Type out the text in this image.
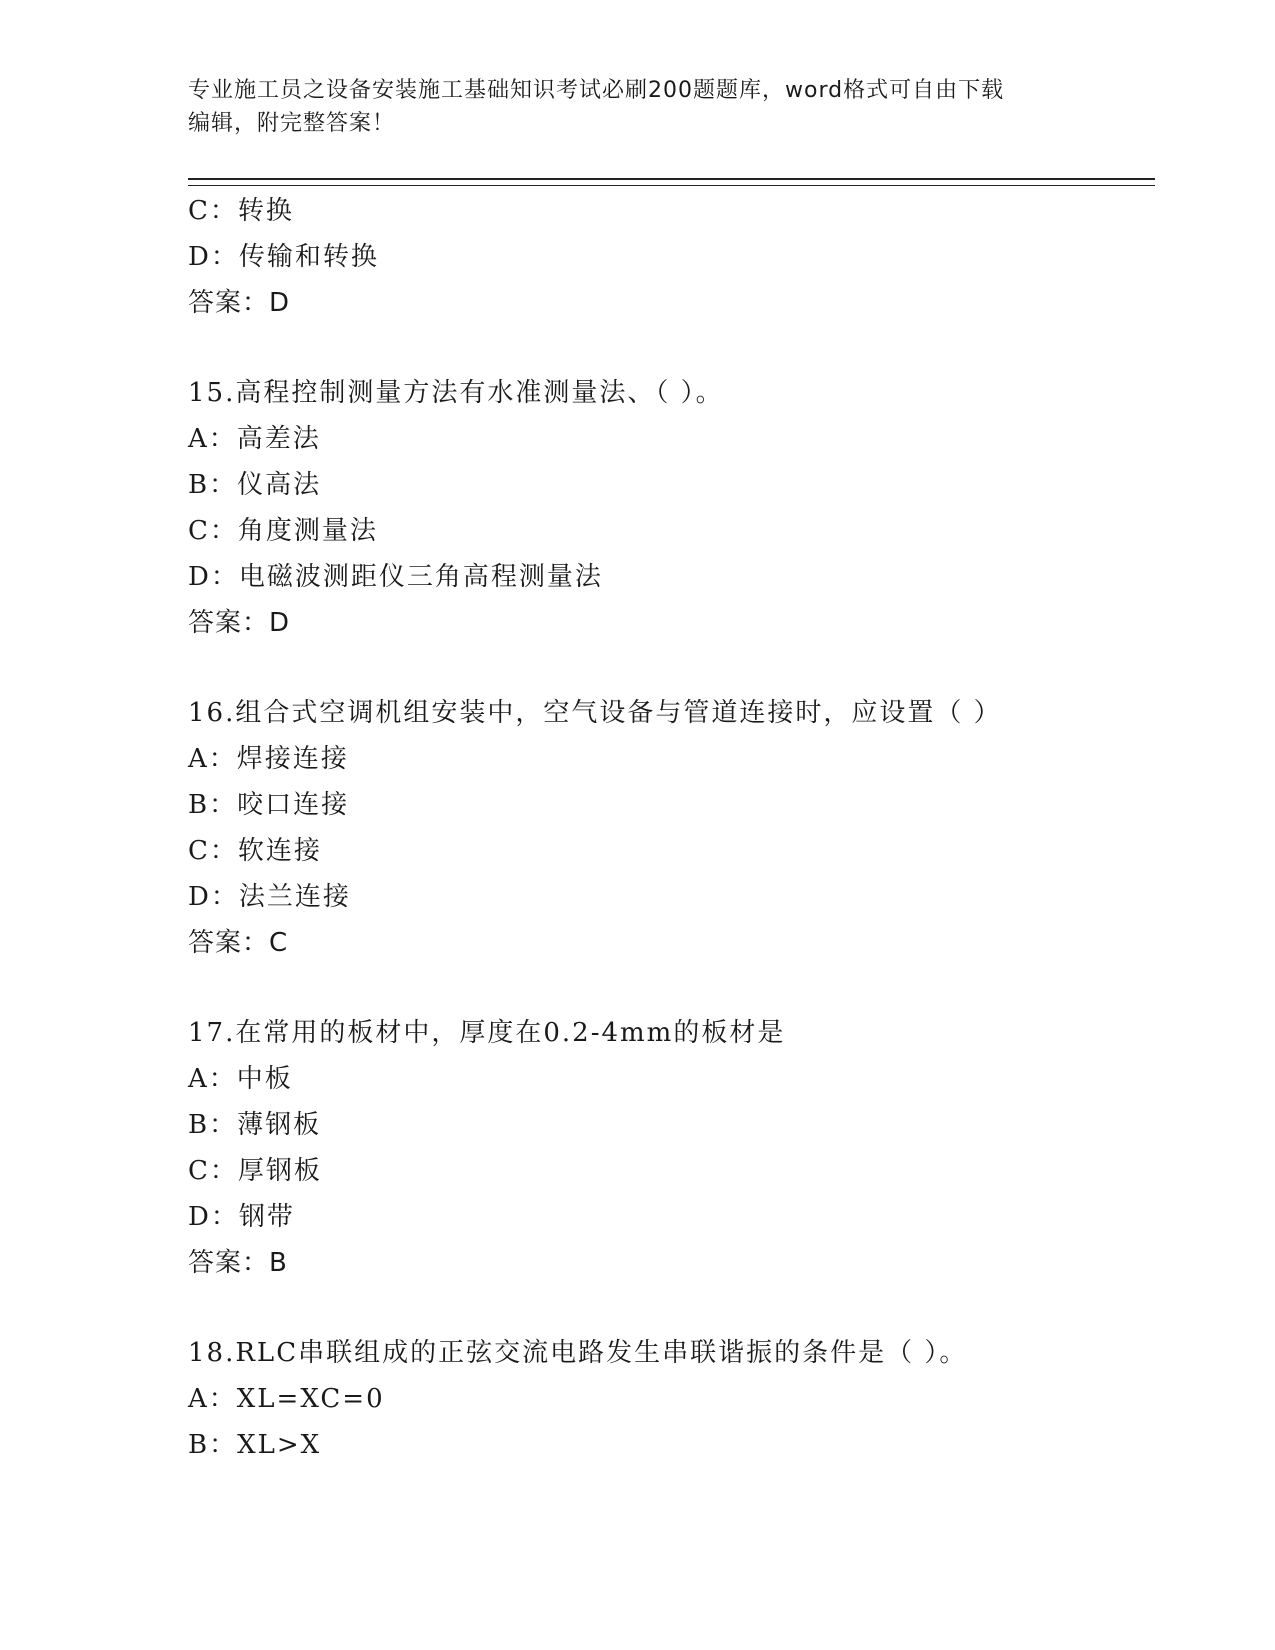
专业施工员之设备安装施工基础知识考试必刷200题题库，word格式可自由下载
编辑，附完整答案！
C：转换
D：传输和转换
答案：D
15.高程控制测量方法有水准测量法、（ ）。
A：高差法
B：仪高法
C：角度测量法
D：电磁波测距仪三角高程测量法
答案：D
16.组合式空调机组安装中，空气设备与管道连接时，应设置（ ）
A：焊接连接
B：咬口连接
C：软连接
D：法兰连接
答案：C
17.在常用的板材中，厚度在0.2-4mm的板材是
A：中板
B：薄钢板
C：厚钢板
D：钢带
答案：B
18.RLC串联组成的正弦交流电路发生串联谐振的条件是（ ）。
A：XL=XC=0
B：XL>X
